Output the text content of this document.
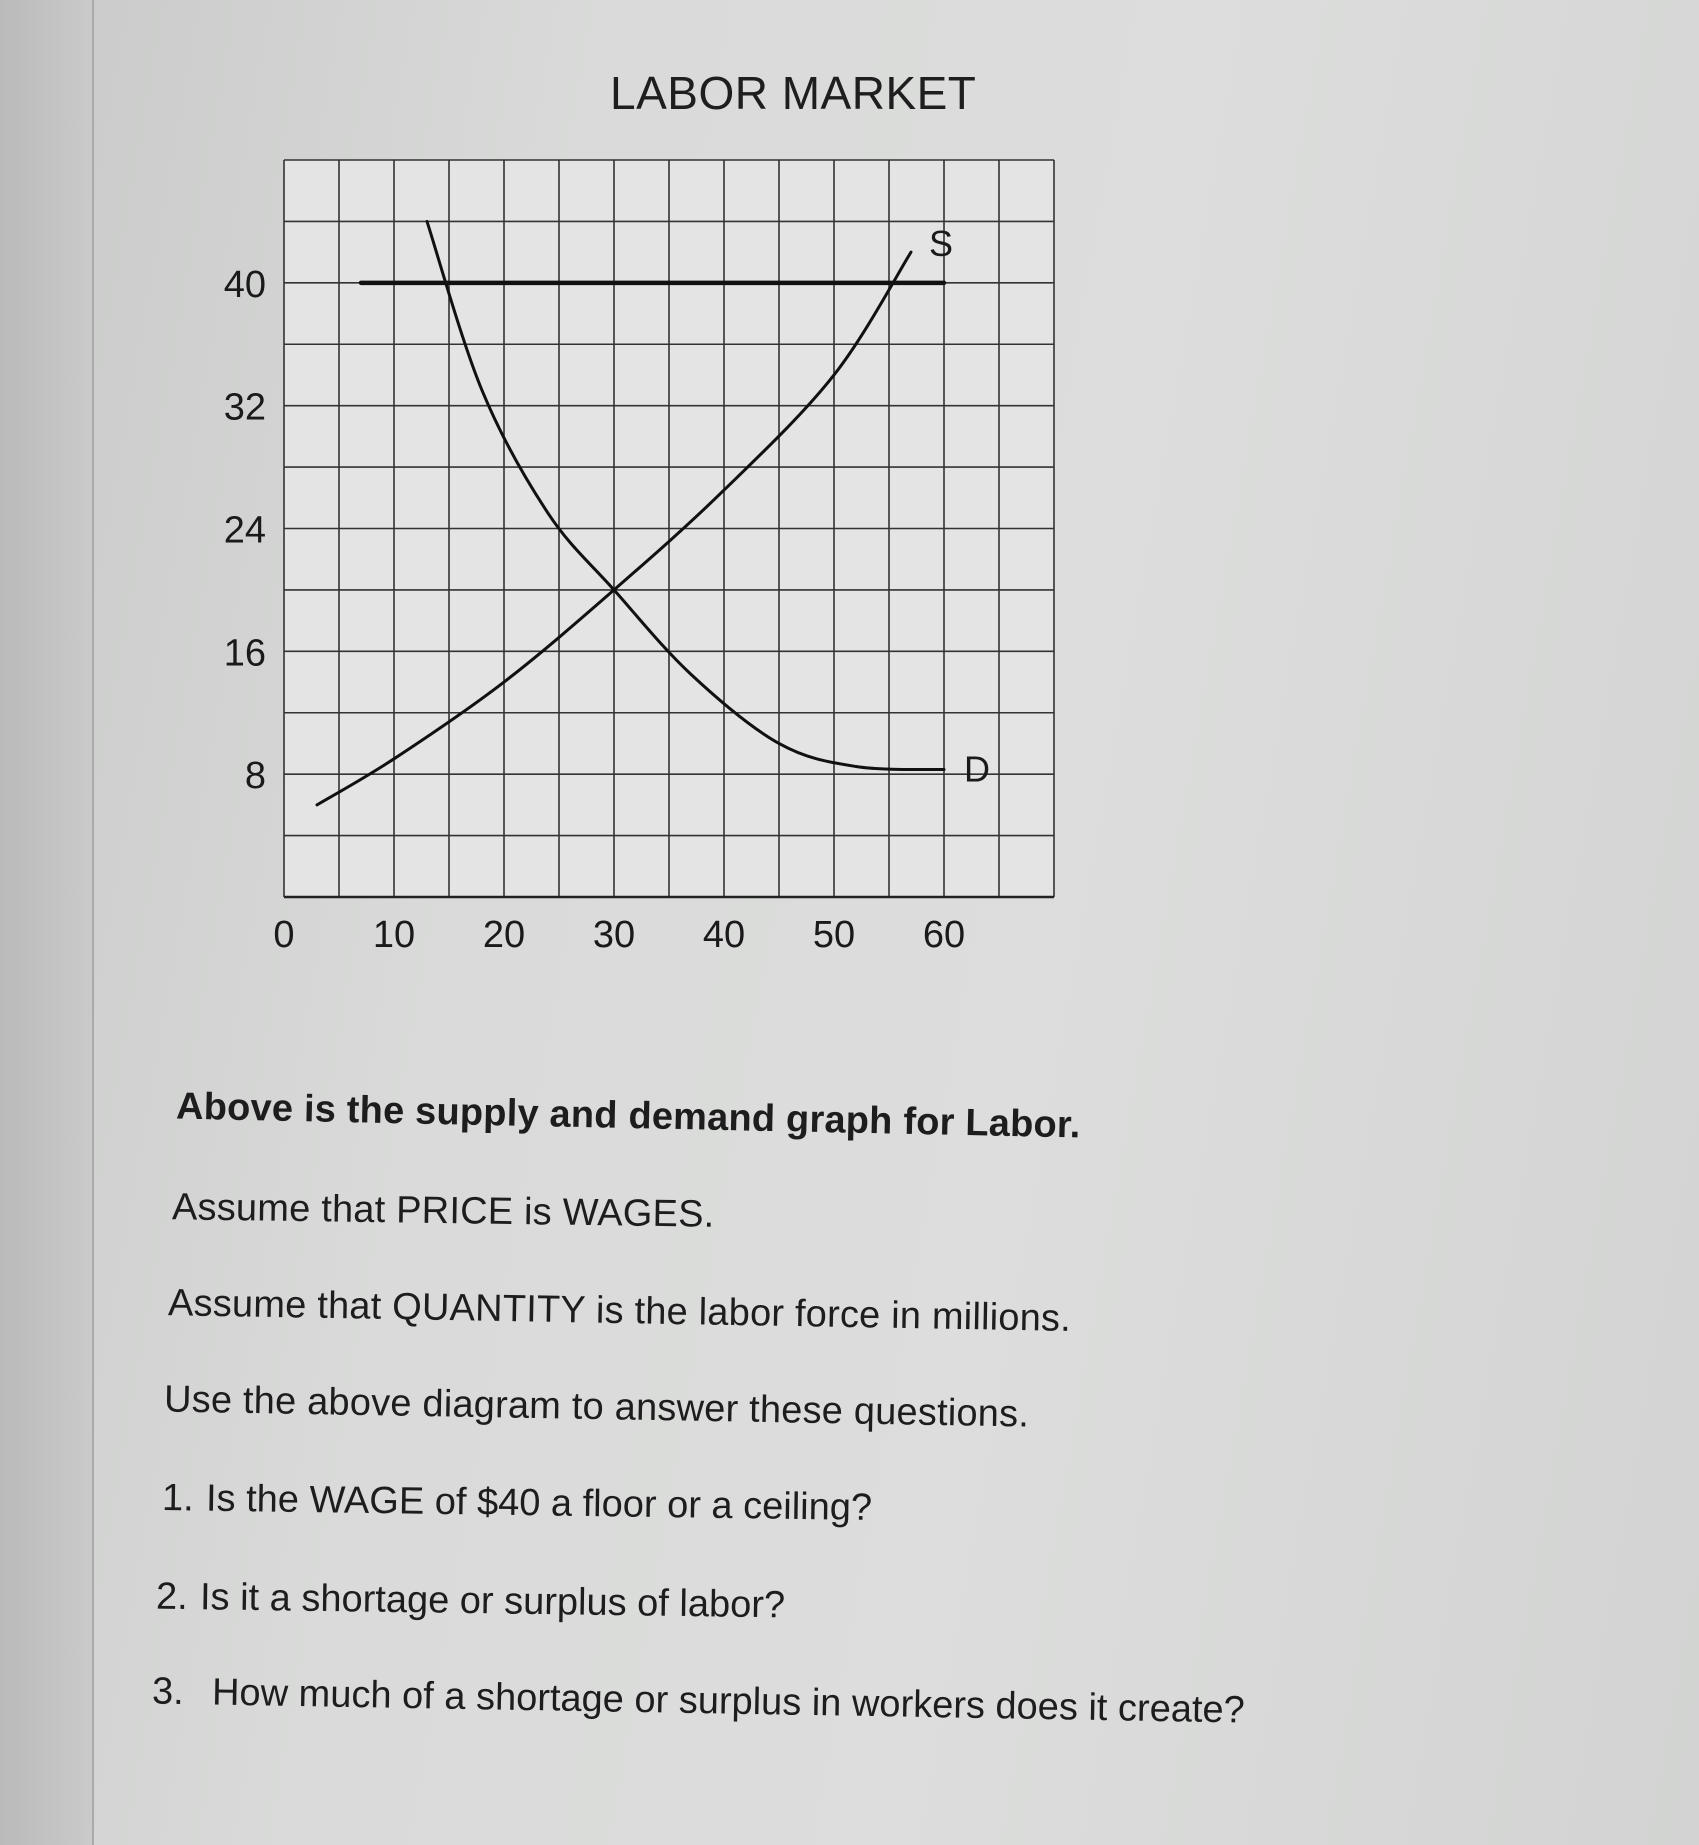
LABOR MARKET
S
D
0 10 20 30 40 50 60
8
16
24
32
40
Above is the supply and demand graph for Labor.
Assume that PRICE is WAGES.
Assume that QUANTITY is the labor force in millions.
Use the above diagram to answer these questions.
1. Is the WAGE of $40 a floor or a ceiling?
2. Is it a shortage or surplus of labor?
3. How much of a shortage or surplus in workers does it create?
